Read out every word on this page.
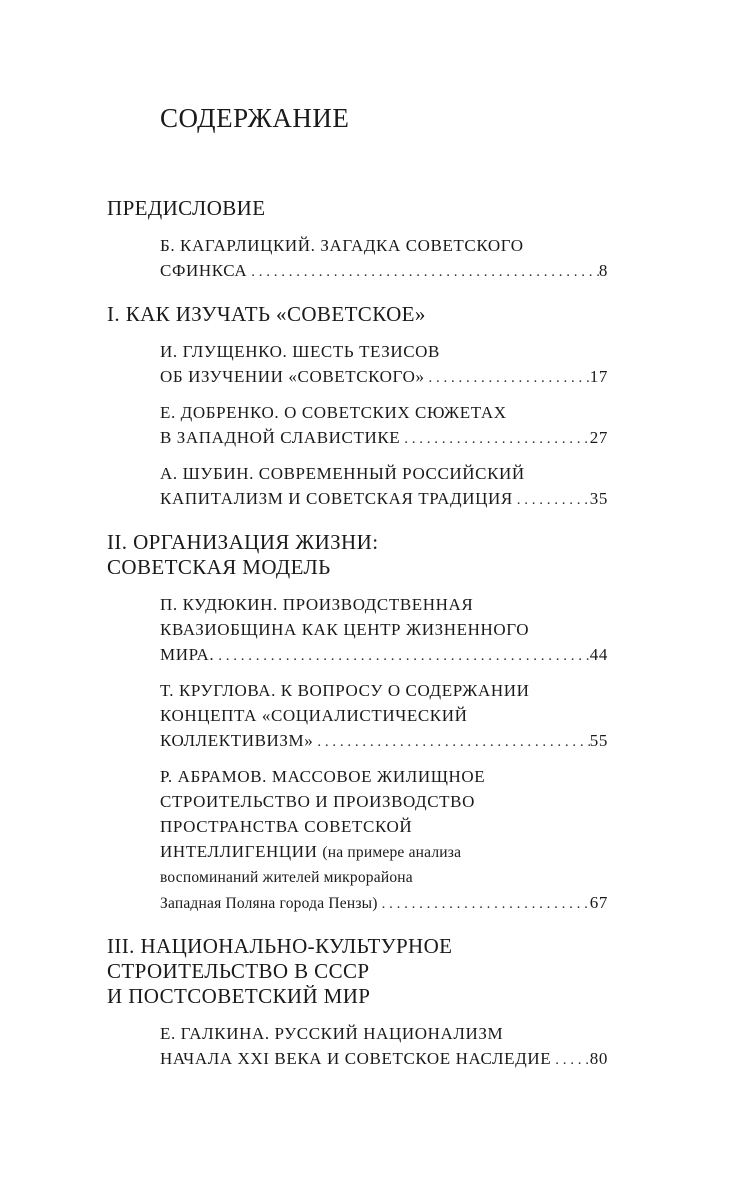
СОДЕРЖАНИЕ
ПРЕДИСЛОВИЕ
Б. КАГАРЛИЦКИЙ. ЗАГАДКА СОВЕТСКОГО
СФИНКСА . . .	8
I. КАК ИЗУЧАТЬ «СОВЕТСКОЕ»
И. ГЛУЩЕНКО. ШЕСТЬ ТЕЗИСОВ
ОБ ИЗУЧЕНИИ «СОВЕТСКОГО» . . .	17
Е. ДОБРЕНКО. О СОВЕТСКИХ СЮЖЕТАХ
В ЗАПАДНОЙ СЛАВИСТИКЕ . . .	27
А. ШУБИН. СОВРЕМЕННЫЙ РОССИЙСКИЙ
КАПИТАЛИЗМ И СОВЕТСКАЯ ТРАДИЦИЯ . . .	35
II. ОРГАНИЗАЦИЯ ЖИЗНИ:
СОВЕТСКАЯ МОДЕЛЬ
П. КУДЮКИН. ПРОИЗВОДСТВЕННАЯ
КВАЗИОБЩИНА КАК ЦЕНТР ЖИЗНЕННОГО
МИРА. . . .	44
Т. КРУГЛОВА. К ВОПРОСУ О СОДЕРЖАНИИ
КОНЦЕПТА «СОЦИАЛИСТИЧЕСКИЙ
КОЛЛЕКТИВИЗМ» . . .	55
Р. АБРАМОВ. МАССОВОЕ ЖИЛИЩНОЕ
СТРОИТЕЛЬСТВО И ПРОИЗВОДСТВО
ПРОСТРАНСТВА СОВЕТСКОЙ
ИНТЕЛЛИГЕНЦИИ (на примере анализа
воспоминаний жителей микрорайона
Западная Поляна города Пензы) . . .	67
III. НАЦИОНАЛЬНО-КУЛЬТУРНОЕ
СТРОИТЕЛЬСТВО В СССР
И ПОСТСОВЕТСКИЙ МИР
Е. ГАЛКИНА. РУССКИЙ НАЦИОНАЛИЗМ
НАЧАЛА XXI ВЕКА И СОВЕТСКОЕ НАСЛЕДИЕ . . . 80
